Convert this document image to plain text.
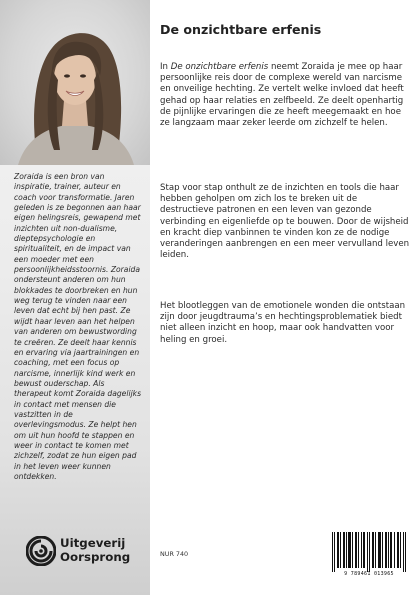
Zoraida is een bron van inspiratie, trainer, auteur en coach voor transformatie. Jaren geleden is ze begonnen aan haar eigen helingsreis, gewapend met inzichten uit non-dualisme, dieptepsychologie en spiritualiteit, en de impact van een moeder met een persoonlijkheidsstoornis. Zoraida ondersteunt anderen om hun blokkades te doorbreken en hun weg terug te vinden naar een leven dat echt bij hen past. Ze wijdt haar leven aan het helpen van anderen om bewustwording te creëren. Ze deelt haar kennis en ervaring via jaartrainingen en coaching, met een focus op narcisme, innerlijk kind werk en bewust ouderschap. Als therapeut komt Zoraida dagelijks in contact met mensen die vastzitten in de overlevingsmodus. Ze helpt hen om uit hun hoofd te stappen en weer in contact te komen met zichzelf, zodat ze hun eigen pad in het leven weer kunnen ontdekken.

Uitgeverij
Oorsprong
De onzichtbare erfenis

In De onzichtbare erfenis neemt Zoraida je mee op haar persoonlijke reis door de complexe wereld van narcisme en onveilige hechting. Ze vertelt welke invloed dat heeft gehad op haar relaties en zelfbeeld. Ze deelt openhartig de pijnlijke ervaringen die ze heeft meegemaakt en hoe ze langzaam maar zeker leerde om zichzelf te helen.

Stap voor stap onthult ze de inzichten en tools die haar hebben geholpen om zich los te breken uit de destructieve patronen en een leven van gezonde verbinding en eigenliefde op te bouwen. Door de wijsheid en kracht diep vanbinnen te vinden kon ze de nodige veranderingen aanbrengen en een meer vervulland leven leiden.

Het blootleggen van de emotionele wonden die ontstaan zijn door jeugdtrauma’s en hechtingsproblematiek biedt niet alleen inzicht en hoop, maar ook handvatten voor heling en groei.

NUR 740
9 789461 013965
